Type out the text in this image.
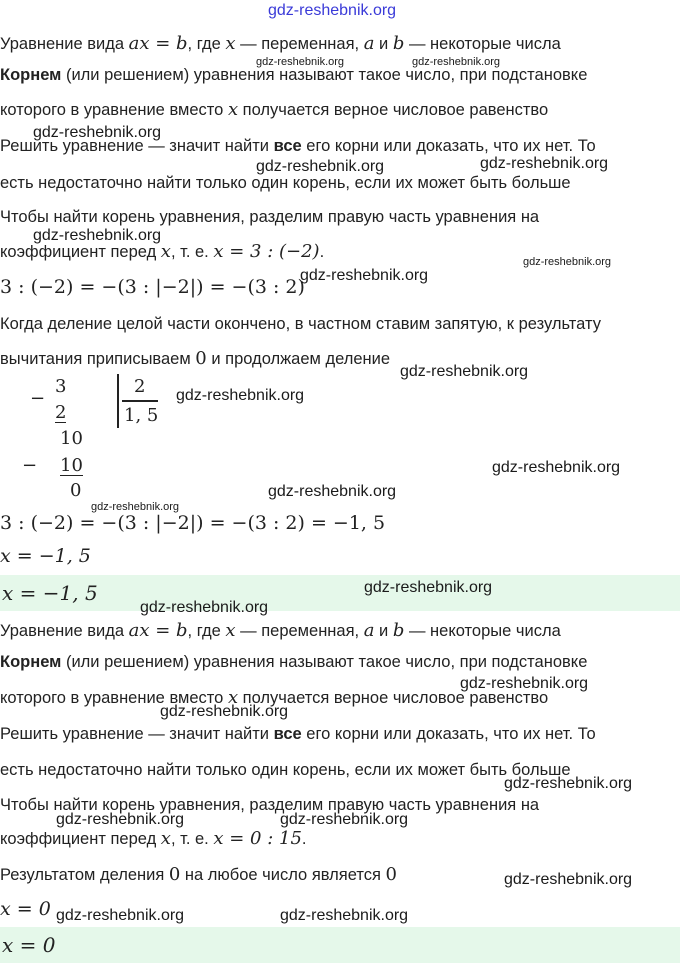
Уравнение вида ax = b, где x — переменная, a и b — некоторые числа
Корнем (или решением) уравнения называют такое число, при подстановке
которого в уравнение вместо x получается верное числовое равенство
Решить уравнение — значит найти все его корни или доказать, что их нет. То
есть недостаточно найти только один корень, если их может быть больше
Чтобы найти корень уравнения, разделим правую часть уравнения на
коэффициент перед x, т. е. x = 3 : (−2).
3 : (−2) = −(3 : |−2|) = −(3 : 2)
Когда деление целой части окончено, в частном ставим запятую, к результату
вычитания приписываем 0 и продолжаем деление
−
3
2
2
1, 5
10
− 10
0
3 : (−2) = −(3 : |−2|) = −(3 : 2) = −1, 5
x = −1, 5
x = −1, 5
Уравнение вида ax = b, где x — переменная, a и b — некоторые числа
Корнем (или решением) уравнения называют такое число, при подстановке
которого в уравнение вместо x получается верное числовое равенство
Решить уравнение — значит найти все его корни или доказать, что их нет. То
есть недостаточно найти только один корень, если их может быть больше
Чтобы найти корень уравнения, разделим правую часть уравнения на
коэффициент перед x, т. е. x = 0 : 15.
Результатом деления 0 на любое число является 0
x = 0
x = 0
gdz-reshebnik.org
gdz-reshebnik.org	gdz-reshebnik.org
gdz-reshebnik.org
gdz-reshebnik.org	gdz-reshebnik.org
gdz-reshebnik.org
gdz-reshebnik.org
gdz-reshebnik.org
gdz-reshebnik.org
gdz-reshebnik.org
gdz-reshebnik.org
gdz-reshebnik.org
gdz-reshebnik.org
gdz-reshebnik.org
gdz-reshebnik.org
gdz-reshebnik.org
gdz-reshebnik.org
gdz-reshebnik.org
gdz-reshebnik.org	gdz-reshebnik.org
gdz-reshebnik.org
gdz-reshebnik.org	gdz-reshebnik.org
